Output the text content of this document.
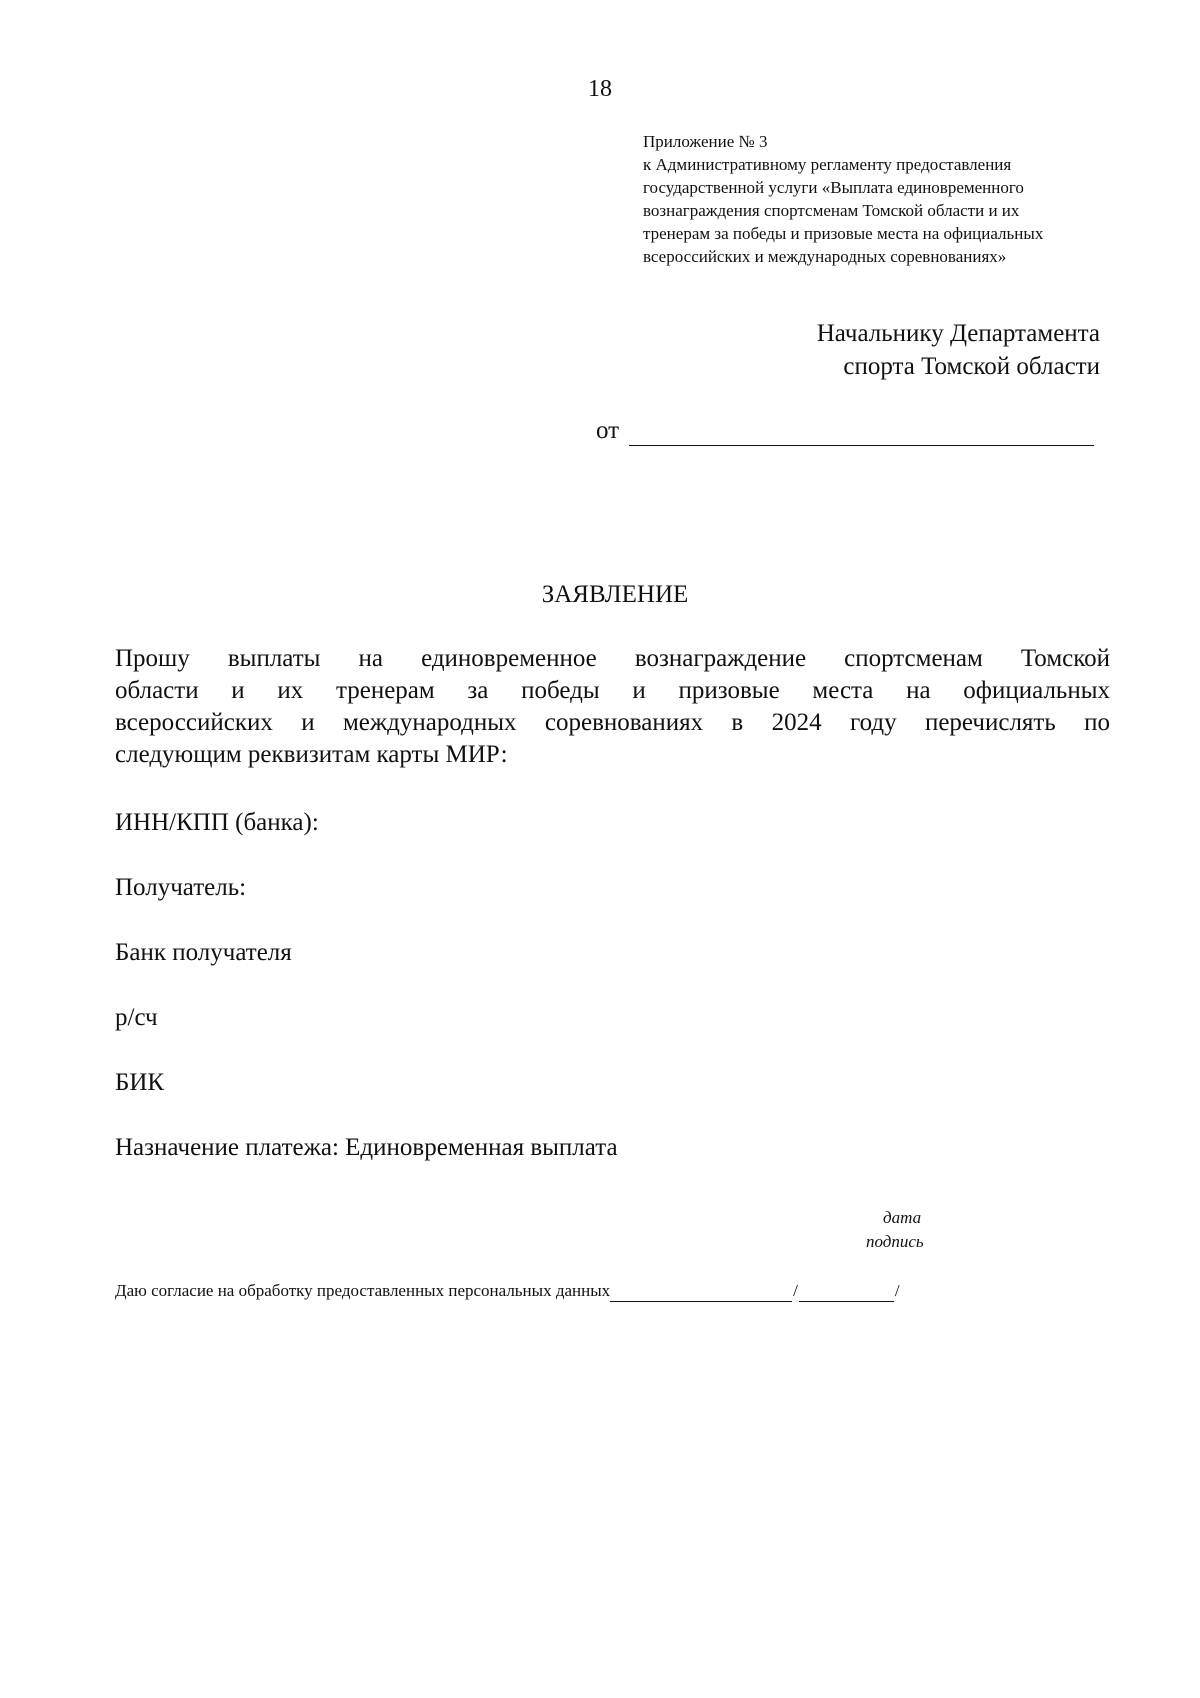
18
Приложение № 3
к Административному регламенту предоставления
государственной услуги «Выплата единовременного
вознаграждения спортсменам Томской области и их
тренерам за победы и призовые места на официальных
всероссийских и международных соревнованиях»
Начальнику Департамента
спорта Томской области
от
ЗАЯВЛЕНИЕ
Прошу выплаты на единовременное вознаграждение спортсменам Томской
области и их тренерам за победы и призовые места на официальных
всероссийских и международных соревнованиях в 2024 году перечислять по
следующим реквизитам карты МИР:
ИНН/КПП (банка):
Получатель:
Банк получателя
р/сч
БИК
Назначение платежа: Единовременная выплата
дата
подпись
Даю согласие на обработку предоставленных персональных данных	/	/
